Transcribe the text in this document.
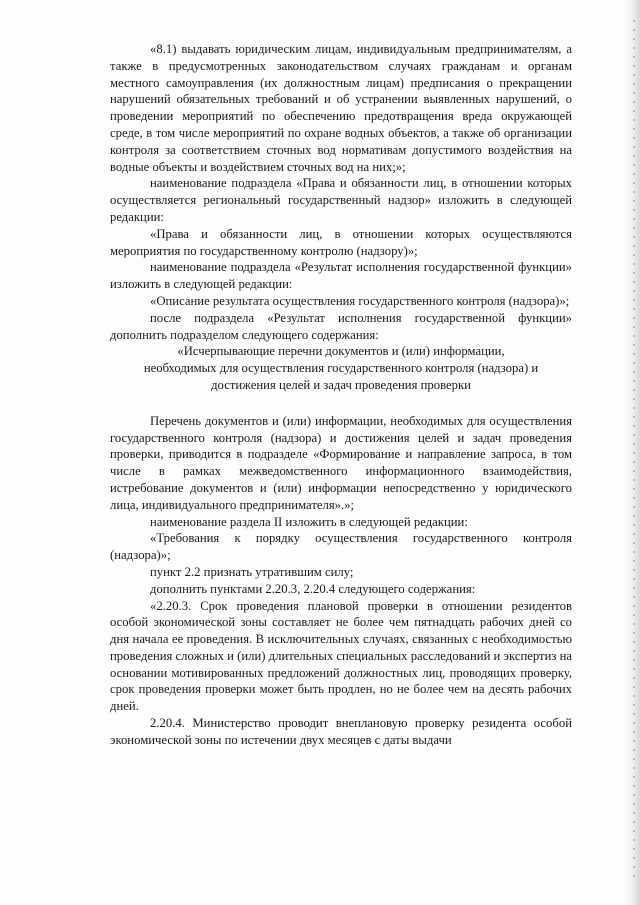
«8.1) выдавать юридическим лицам, индивидуальным предпринимателям, а также в предусмотренных законодательством случаях гражданам и органам местного самоуправления (их должностным лицам) предписания о прекращении нарушений обязательных требований и об устранении выявленных нарушений, о проведении мероприятий по обеспечению предотвращения вреда окружающей среде, в том числе мероприятий по охране водных объектов, а также об организации контроля за соответствием сточных вод нормативам допустимого воздействия на водные объекты и воздействием сточных вод на них;»;

наименование подраздела «Права и обязанности лиц, в отношении которых осуществляется региональный государственный надзор» изложить в следующей редакции:

«Права и обязанности лиц, в отношении которых осуществляются мероприятия по государственному контролю (надзору)»;

наименование подраздела «Результат исполнения государственной функции» изложить в следующей редакции:

«Описание результата осуществления государственного контроля (надзора)»;

после подраздела «Результат исполнения государственной функции» дополнить подразделом следующего содержания:

«Исчерпывающие перечни документов и (или) информации,

необходимых для осуществления государственного контроля (надзора) и

достижения целей и задач проведения проверки

Перечень документов и (или) информации, необходимых для осуществления государственного контроля (надзора) и достижения целей и задач проведения проверки, приводится в подразделе «Формирование и направление запроса, в том числе в рамках межведомственного информационного взаимодействия, истребование документов и (или) информации непосредственно у юридического лица, индивидуального предпринимателя».»;

наименование раздела II изложить в следующей редакции:

«Требования к порядку осуществления государственного контроля (надзора)»;

пункт 2.2 признать утратившим силу;

дополнить пунктами 2.20.3, 2.20.4 следующего содержания:

«2.20.3. Срок проведения плановой проверки в отношении резидентов особой экономической зоны составляет не более чем пятнадцать рабочих дней со дня начала ее проведения. В исключительных случаях, связанных с необходимостью проведения сложных и (или) длительных специальных расследований и экспертиз на основании мотивированных предложений должностных лиц, проводящих проверку, срок проведения проверки может быть продлен, но не более чем на десять рабочих дней.

2.20.4. Министерство проводит внеплановую проверку резидента особой экономической зоны по истечении двух месяцев с даты выдачи
